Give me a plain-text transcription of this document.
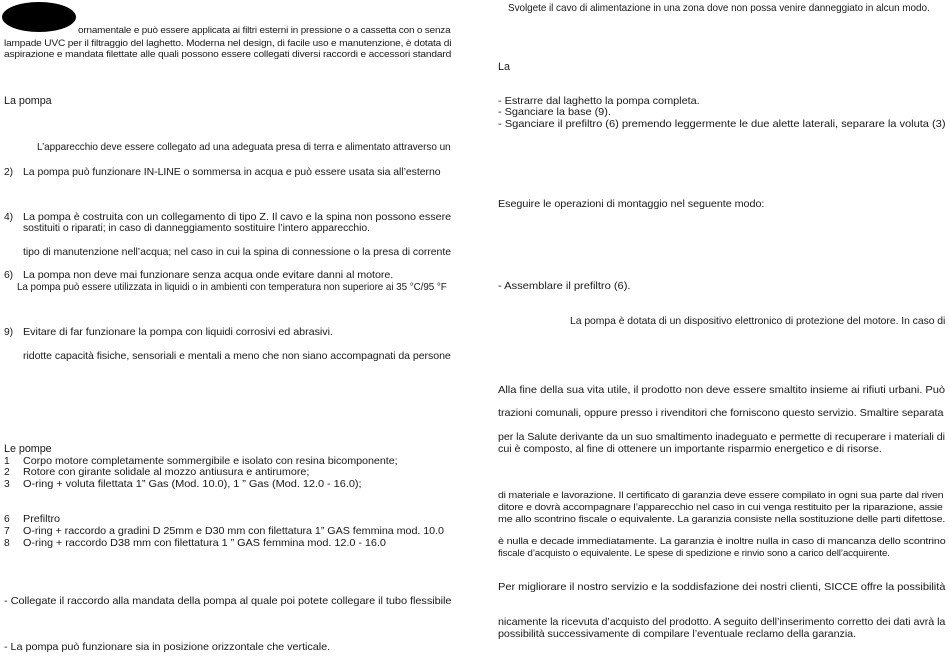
ornamentale e può essere applicata ai filtri esterni in pressione o a cassetta con o senza
lampade UVC per il filtraggio del laghetto. Moderna nel design, di facile uso e manutenzione, è dotata di
aspirazione e mandata filettate alle quali possono essere collegati diversi raccordi e accessori standard
La pompa
L’apparecchio deve essere collegato ad una adeguata presa di terra e alimentato attraverso un
2) La pompa può funzionare IN-LINE o sommersa in acqua e può essere usata sia all’esterno
4) La pompa è costruita con un collegamento di tipo Z. Il cavo e la spina non possono essere
sostituiti o riparati; in caso di danneggiamento sostituire l’intero apparecchio.
tipo di manutenzione nell’acqua; nel caso in cui la spina di connessione o la presa di corrente
6) La pompa non deve mai funzionare senza acqua onde evitare danni al motore.
La pompa può essere utilizzata in liquidi o in ambienti con temperatura non superiore ai 35 °C/95 °F
9) Evitare di far funzionare la pompa con liquidi corrosivi ed abrasivi.
ridotte capacità fisiche, sensoriali e mentali a meno che non siano accompagnati da persone
Le pompe
1 Corpo motore completamente sommergibile e isolato con resina bicomponente;
2 Rotore con girante solidale al mozzo antiusura e antirumore;
3 O-ring + voluta filettata 1” Gas (Mod. 10.0), 1 ” Gas (Mod. 12.0 - 16.0);
6 Prefiltro
7 O-ring + raccordo a gradini D 25mm e D30 mm con filettatura 1” GAS femmina mod. 10.0
8 O-ring + raccordo D38 mm con filettatura 1 ” GAS femmina mod. 12.0 - 16.0
- Collegate il raccordo alla mandata della pompa al quale poi potete collegare il tubo flessibile
- La pompa può funzionare sia in posizione orizzontale che verticale.
Svolgete il cavo di alimentazione in una zona dove non possa venire danneggiato in alcun modo.
La
- Estrarre dal laghetto la pompa completa.
- Sganciare la base (9).
- Sganciare il prefiltro (6) premendo leggermente le due alette laterali, separare la voluta (3)
Eseguire le operazioni di montaggio nel seguente modo:
- Assemblare il prefiltro (6).
La pompa è dotata di un dispositivo elettronico di protezione del motore. In caso di
Alla fine della sua vita utile, il prodotto non deve essere smaltito insieme ai rifiuti urbani. Può
trazioni comunali, oppure presso i rivenditori che forniscono questo servizio. Smaltire separata
per la Salute derivante da un suo smaltimento inadeguato e permette di recuperare i materiali di
cui è composto, al fine di ottenere un importante risparmio energetico e di risorse.
di materiale e lavorazione. Il certificato di garanzia deve essere compilato in ogni sua parte dal riven
ditore e dovrà accompagnare l’apparecchio nel caso in cui venga restituito per la riparazione, assie
me allo scontrino fiscale o equivalente. La garanzia consiste nella sostituzione delle parti difettose.
è nulla e decade immediatamente. La garanzia è inoltre nulla in caso di mancanza dello scontrino
fiscale d’acquisto o equivalente. Le spese di spedizione e rinvio sono a carico dell’acquirente.
Per migliorare il nostro servizio e la soddisfazione dei nostri clienti, SICCE offre la possibilità
nicamente la ricevuta d’acquisto del prodotto. A seguito dell’inserimento corretto dei dati avrà la
possibilità successivamente di compilare l’eventuale reclamo della garanzia.
